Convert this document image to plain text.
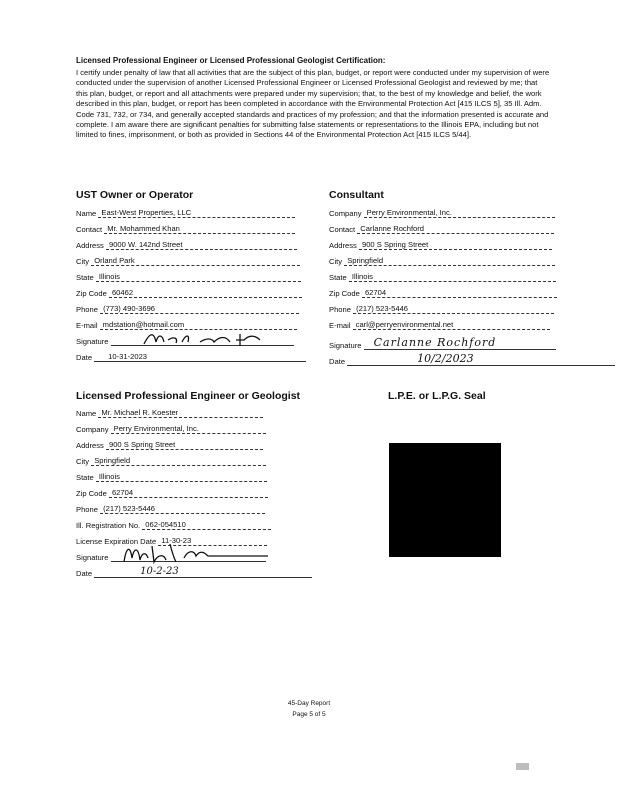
Licensed Professional Engineer or Licensed Professional Geologist Certification:
I certify under penalty of law that all activities that are the subject of this plan, budget, or report were conducted under my supervision of were conducted under the supervision of another Licensed Professional Engineer or Licensed Professional Geologist and reviewed by me; that this plan, budget, or report and all attachments were prepared under my supervision; that, to the best of my knowledge and belief, the work described in this plan, budget, or report has been completed in accordance with the Environmental Protection Act [415 ILCS 5], 35 Ill. Adm. Code 731, 732, or 734, and generally accepted standards and practices of my profession; and that the information presented is accurate and complete. I am aware there are significant penalties for submitting false statements or representations to the Illinois EPA, including but not limited to fines, imprisonment, or both as provided in Sections 44 of the Environmental Protection Act [415 ILCS 5/44].
UST Owner or Operator
Name East-West Properties, LLC
Contact Mr. Mohammed Khan
Address 9000 W. 142nd Street
City Orland Park
State Illinois
Zip Code 60462
Phone (773) 490-3696
E-mail mdstation@hotmail.com
Signature
Date 10-31-2023
Consultant
Company Perry Environmental, Inc.
Contact Carlanne Rochford
Address 900 S Spring Street
City Springfield
State Illinois
Zip Code 62704
Phone (217) 523-5446
E-mail carl@perryenvironmental.net
Signature Carlanne Rochford
Date	10/2/2023
Licensed Professional Engineer or Geologist	L.P.E. or L.P.G. Seal
Name Mr. Michael R. Koester
Company Perry Environmental, Inc.
Address 900 S Spring Street
City Springfield
State Illinois
Zip Code 62704
Phone (217) 523-5446
Ill. Registration No. 062-054510
License Expiration Date 11-30-23
Signature
Date	10-2-23
45-Day Report
Page 5 of 5
